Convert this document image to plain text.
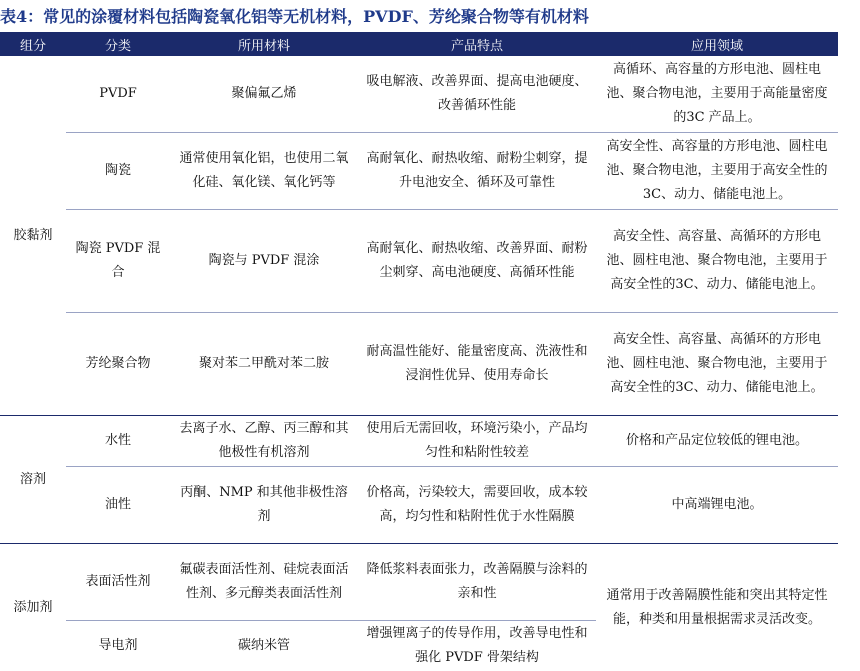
表4：常见的涂覆材料包括陶瓷氧化铝等无机材料，PVDF、芳纶聚合物等有机材料
组分	分类	所用材料	产品特点	应用领域
胶黏剂	PVDF	聚偏氟乙烯	吸电解液、改善界面、提高电池硬度、改善循环性能	高循环、高容量的方形电池、圆柱电池、聚合物电池，主要用于高能量密度的3C 产品上。
	陶瓷	通常使用氧化铝，也使用二氧化硅、氧化镁、氧化钙等	高耐氧化、耐热收缩、耐粉尘刺穿，提升电池安全、循环及可靠性	高安全性、高容量的方形电池、圆柱电池、聚合物电池，主要用于高安全性的3C、动力、储能电池上。
	陶瓷 PVDF 混合	陶瓷与 PVDF 混涂	高耐氧化、耐热收缩、改善界面、耐粉尘刺穿、高电池硬度、高循环性能	高安全性、高容量、高循环的方形电池、圆柱电池、聚合物电池，主要用于高安全性的3C、动力、储能电池上。
	芳纶聚合物	聚对苯二甲酰对苯二胺	耐高温性能好、能量密度高、洗液性和浸润性优异、使用寿命长	高安全性、高容量、高循环的方形电池、圆柱电池、聚合物电池，主要用于高安全性的3C、动力、储能电池上。
溶剂	水性	去离子水、乙醇、丙三醇和其他极性有机溶剂	使用后无需回收，环境污染小，产品均匀性和粘附性较差	价格和产品定位较低的锂电池。
	油性	丙酮、NMP 和其他非极性溶剂	价格高，污染较大，需要回收，成本较高，均匀性和粘附性优于水性隔膜	中高端锂电池。
添加剂	表面活性剂	氟碳表面活性剂、硅烷表面活性剂、多元醇类表面活性剂	降低浆料表面张力，改善隔膜与涂料的亲和性	通常用于改善隔膜性能和突出其特定性能，种类和用量根据需求灵活改变。
	导电剂	碳纳米管	增强锂离子的传导作用，改善导电性和强化 PVDF 骨架结构	
